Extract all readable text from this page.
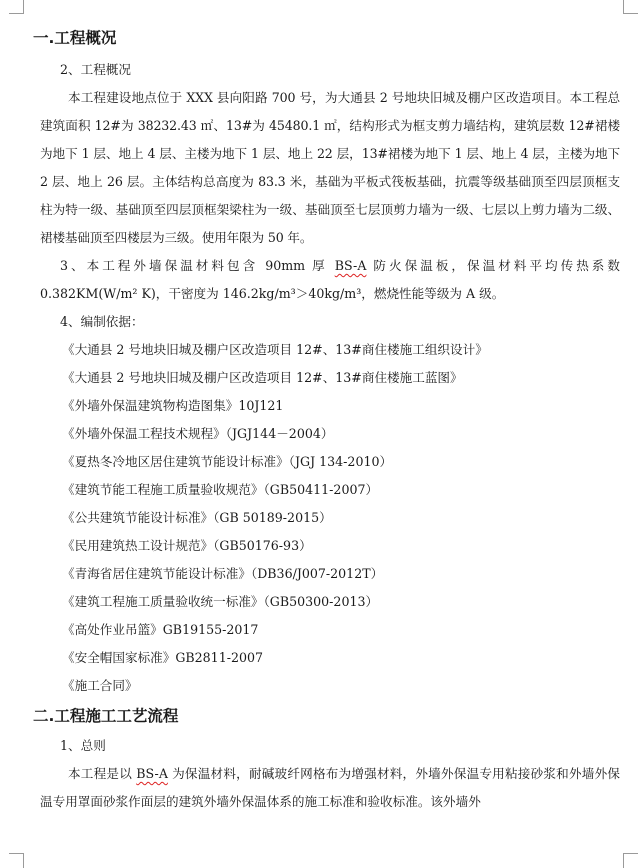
一.工程概况
2、工程概况
本工程建设地点位于 XXX 县向阳路 700 号，为大通县 2 号地块旧城及棚户区改造项目。本工程总建筑面积 12#为 38232.43 ㎡、13#为 45480.1 ㎡，结构形式为框支剪力墙结构，建筑层数 12#裙楼为地下 1 层、地上 4 层、主楼为地下 1 层、地上 22 层，13#裙楼为地下 1 层、地上 4 层，主楼为地下 2 层、地上 26 层。主体结构总高度为 83.3 米，基础为平板式筏板基础，抗震等级基础顶至四层顶框支柱为特一级、基础顶至四层顶框架梁柱为一级、基础顶至七层顶剪力墙为一级、七层以上剪力墙为二级、裙楼基础顶至四楼层为三级。使用年限为 50 年。
3、本工程外墙保温材料包含 90mm 厚 BS-A 防火保温板，保温材料平均传热系数 0.382KM(W/m² K)，干密度为 146.2kg/m³＞40kg/m³，燃烧性能等级为 A 级。
4、编制依据：
《大通县 2 号地块旧城及棚户区改造项目 12#、13#商住楼施工组织设计》
《大通县 2 号地块旧城及棚户区改造项目 12#、13#商住楼施工蓝图》
《外墙外保温建筑物构造图集》10J121
《外墙外保温工程技术规程》（JGJ144－2004）
《夏热冬冷地区居住建筑节能设计标准》（JGJ 134-2010）
《建筑节能工程施工质量验收规范》（GB50411-2007）
《公共建筑节能设计标准》（GB 50189-2015）
《民用建筑热工设计规范》（GB50176-93）
《青海省居住建筑节能设计标准》（DB36/J007-2012T）
《建筑工程施工质量验收统一标准》（GB50300-2013）
《高处作业吊篮》GB19155-2017
《安全帽国家标准》GB2811-2007
《施工合同》
二.工程施工工艺流程
1、总则
本工程是以 BS-A 为保温材料，耐碱玻纤网格布为增强材料，外墙外保温专用粘接砂浆和外墙外保温专用罩面砂浆作面层的建筑外墙外保温体系的施工标准和验收标准。该外墙外
